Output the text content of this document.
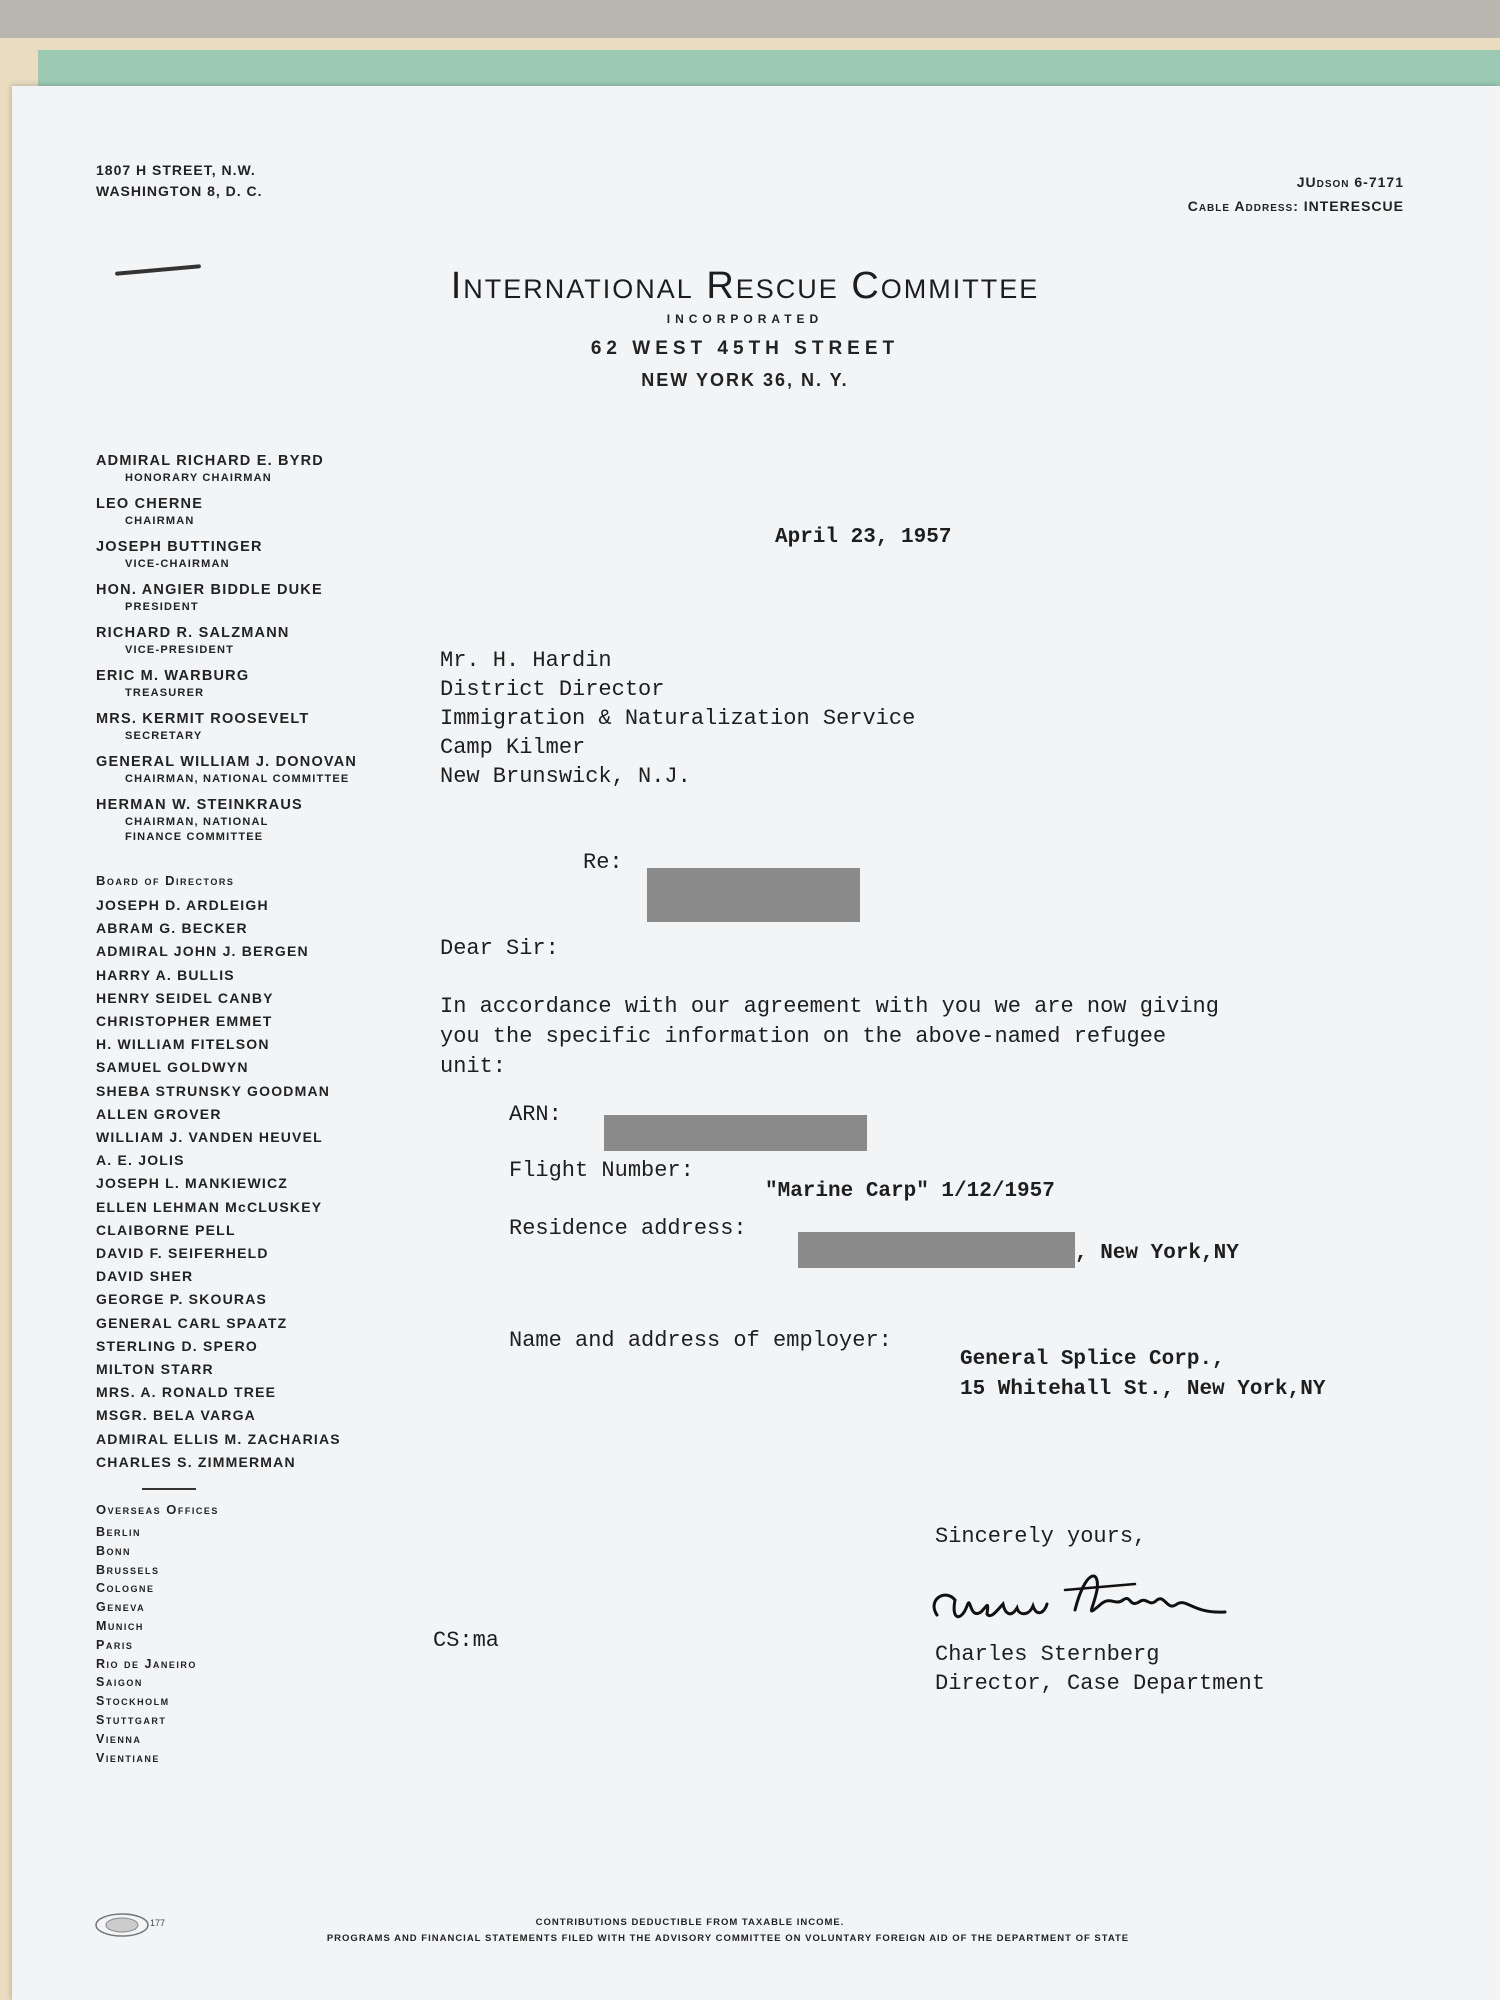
1807 H STREET, N.W.
WASHINGTON 8, D. C.
JUdson 6-7171
Cable Address: INTERESCUE
International Rescue Committee
INCORPORATED
62 WEST 45TH STREET
NEW YORK 36, N. Y.
ADMIRAL RICHARD E. BYRD
HONORARY CHAIRMAN
LEO CHERNE
CHAIRMAN
JOSEPH BUTTINGER
VICE-CHAIRMAN
HON. ANGIER BIDDLE DUKE
PRESIDENT
RICHARD R. SALZMANN
VICE-PRESIDENT
ERIC M. WARBURG
TREASURER
MRS. KERMIT ROOSEVELT
SECRETARY
GENERAL WILLIAM J. DONOVAN
CHAIRMAN, NATIONAL COMMITTEE
HERMAN W. STEINKRAUS
CHAIRMAN, NATIONAL
FINANCE COMMITTEE
Board of Directors
JOSEPH D. ARDLEIGH
ABRAM G. BECKER
ADMIRAL JOHN J. BERGEN
HARRY A. BULLIS
HENRY SEIDEL CANBY
CHRISTOPHER EMMET
H. WILLIAM FITELSON
SAMUEL GOLDWYN
SHEBA STRUNSKY GOODMAN
ALLEN GROVER
WILLIAM J. VANDEN HEUVEL
A. E. JOLIS
JOSEPH L. MANKIEWICZ
ELLEN LEHMAN McCLUSKEY
CLAIBORNE PELL
DAVID F. SEIFERHELD
DAVID SHER
GEORGE P. SKOURAS
GENERAL CARL SPAATZ
STERLING D. SPERO
MILTON STARR
MRS. A. RONALD TREE
MSGR. BELA VARGA
ADMIRAL ELLIS M. ZACHARIAS
CHARLES S. ZIMMERMAN
Overseas Offices
Berlin
Bonn
Brussels
Cologne
Geneva
Munich
Paris
Rio de Janeiro
Saigon
Stockholm
Stuttgart
Vienna
Vientiane
April 23, 1957
Mr. H. Hardin
District Director
Immigration & Naturalization Service
Camp Kilmer
New Brunswick, N.J.
Re:
Dear Sir:
In accordance with our agreement with you we are now giving you the specific information on the above-named refugee unit:
ARN:
Flight Number:
"Marine Carp" 1/12/1957
Residence address:
, New York,NY
Name and address of employer:
General Splice Corp.,
15 Whitehall St., New York,NY
Sincerely yours,
Charles Sternberg
Director, Case Department
CS:ma
177	CONTRIBUTIONS DEDUCTIBLE FROM TAXABLE INCOME.
PROGRAMS AND FINANCIAL STATEMENTS FILED WITH THE ADVISORY COMMITTEE ON VOLUNTARY FOREIGN AID OF THE DEPARTMENT OF STATE
